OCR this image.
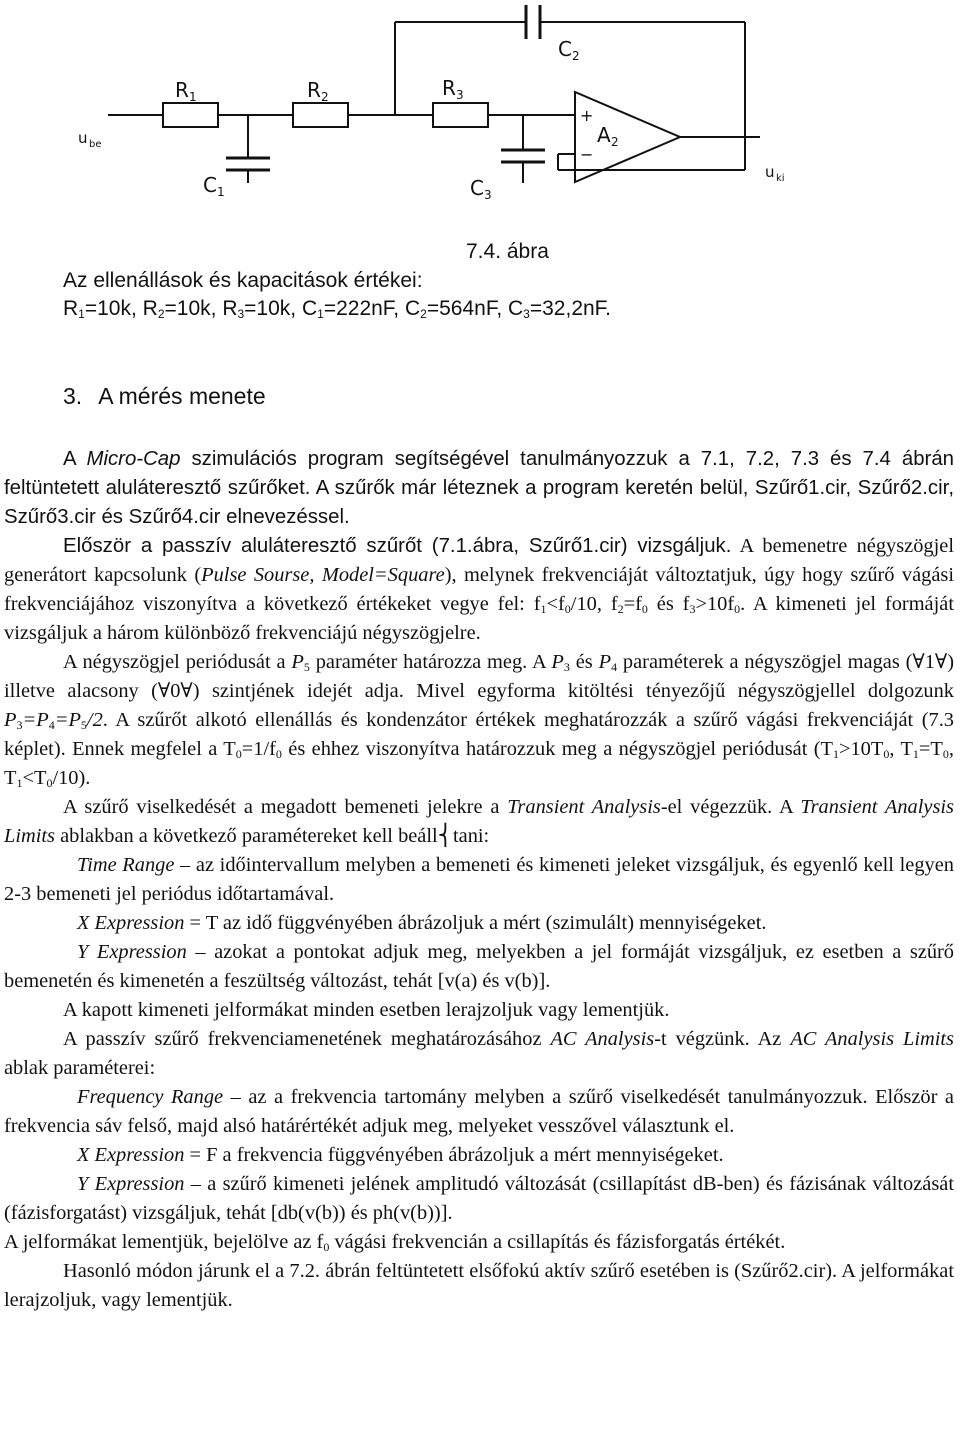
u be
u ki
R 1	R 2	R 3
C 1
C 2
C 3
A 2
+
−
7.4. ábra
Az ellenállások és kapacitások értékei:
$R_1=10k$, $R_2=10k$, $R_3=10k$, $C_1=222nF$, $C_2=564nF$, $C_3=32,2nF$.
3. A mérés menete

A Micro-Cap szimulációs program segítségével tanulmányozzuk a 7.1, 7.2, 7.3 és 7.4 ábrán feltüntetett aluláteresztő szűrőket. A szűrők már léteznek a program keretén belül, Szűrő1.cir, Szűrő2.cir, Szűrő3.cir és Szűrő4.cir elnevezéssel.

Először a passzív aluláteresztő szűrőt (7.1.ábra, Szűrő1.cir) vizsgáljuk. A bemenetre négyszögjel generátort kapcsolunk (Pulse Sourse, Model=Square), melynek frekvenciáját változtatjuk, úgy hogy szűrő vágási frekvenciájához viszonyítva a következő értékeket vegye fel: $f_1<f_0/10$, $f_2=f_0$ és $f_3>10f_0$. A kimeneti jel formáját vizsgáljuk a három különböző frekvenciájú négyszögjelre.

A négyszögjel periódusát a $P_5$ paraméter határozza meg. A $P_3$ és $P_4$ paraméterek a négyszögjel magas (∀1∀) illetve alacsony (∀0∀) szintjének idejét adja. Mivel egyforma kitöltési tényezőjű négyszögjellel dolgozunk $P_3=P_4=P_5/2$. A szűrőt alkotó ellenállás és kondenzátor értékek meghatározzák a szűrő vágási frekvenciáját (7.3 képlet). Ennek megfelel a $T_0=1/f_0$ és ehhez viszonyítva határozzuk meg a négyszögjel periódusát ($T_1>10T_0$, $T_1=T_0$, $T_1<T_0/10$).

A szűrő viselkedését a megadott bemeneti jelekre a Transient Analysis-el végezzük. A Transient Analysis Limits ablakban a következő paramétereket kell beáll⎨tani:

Time Range – az időintervallum melyben a bemeneti és kimeneti jeleket vizsgáljuk, és egyenlő kell legyen 2-3 bemeneti jel periódus időtartamával.

X Expression = T az idő függvényében ábrázoljuk a mért (szimulált) mennyiségeket.

Y Expression – azokat a pontokat adjuk meg, melyekben a jel formáját vizsgáljuk, ez esetben a szűrő bemenetén és kimenetén a feszültség változást, tehát [v(a) és v(b)].

A kapott kimeneti jelformákat minden esetben lerajzoljuk vagy lementjük.

A passzív szűrő frekvenciamenetének meghatározásához AC Analysis-t végzünk. Az AC Analysis Limits ablak paraméterei:

Frequency Range – az a frekvencia tartomány melyben a szűrő viselkedését tanulmányozzuk. Először a frekvencia sáv felső, majd alsó határértékét adjuk meg, melyeket vesszővel választunk el.

X Expression = F a frekvencia függvényében ábrázoljuk a mért mennyiségeket.

Y Expression – a szűrő kimeneti jelének amplitudó változását (csillapítást dB-ben) és fázisának változását (fázisforgatást) vizsgáljuk, tehát [db(v(b)) és ph(v(b))].

A jelformákat lementjük, bejelölve az $f_0$ vágási frekvencián a csillapítás és fázisforgatás értékét.

Hasonló módon járunk el a 7.2. ábrán feltüntetett elsőfokú aktív szűrő esetében is (Szűrő2.cir). A jelformákat lerajzoljuk, vagy lementjük.
